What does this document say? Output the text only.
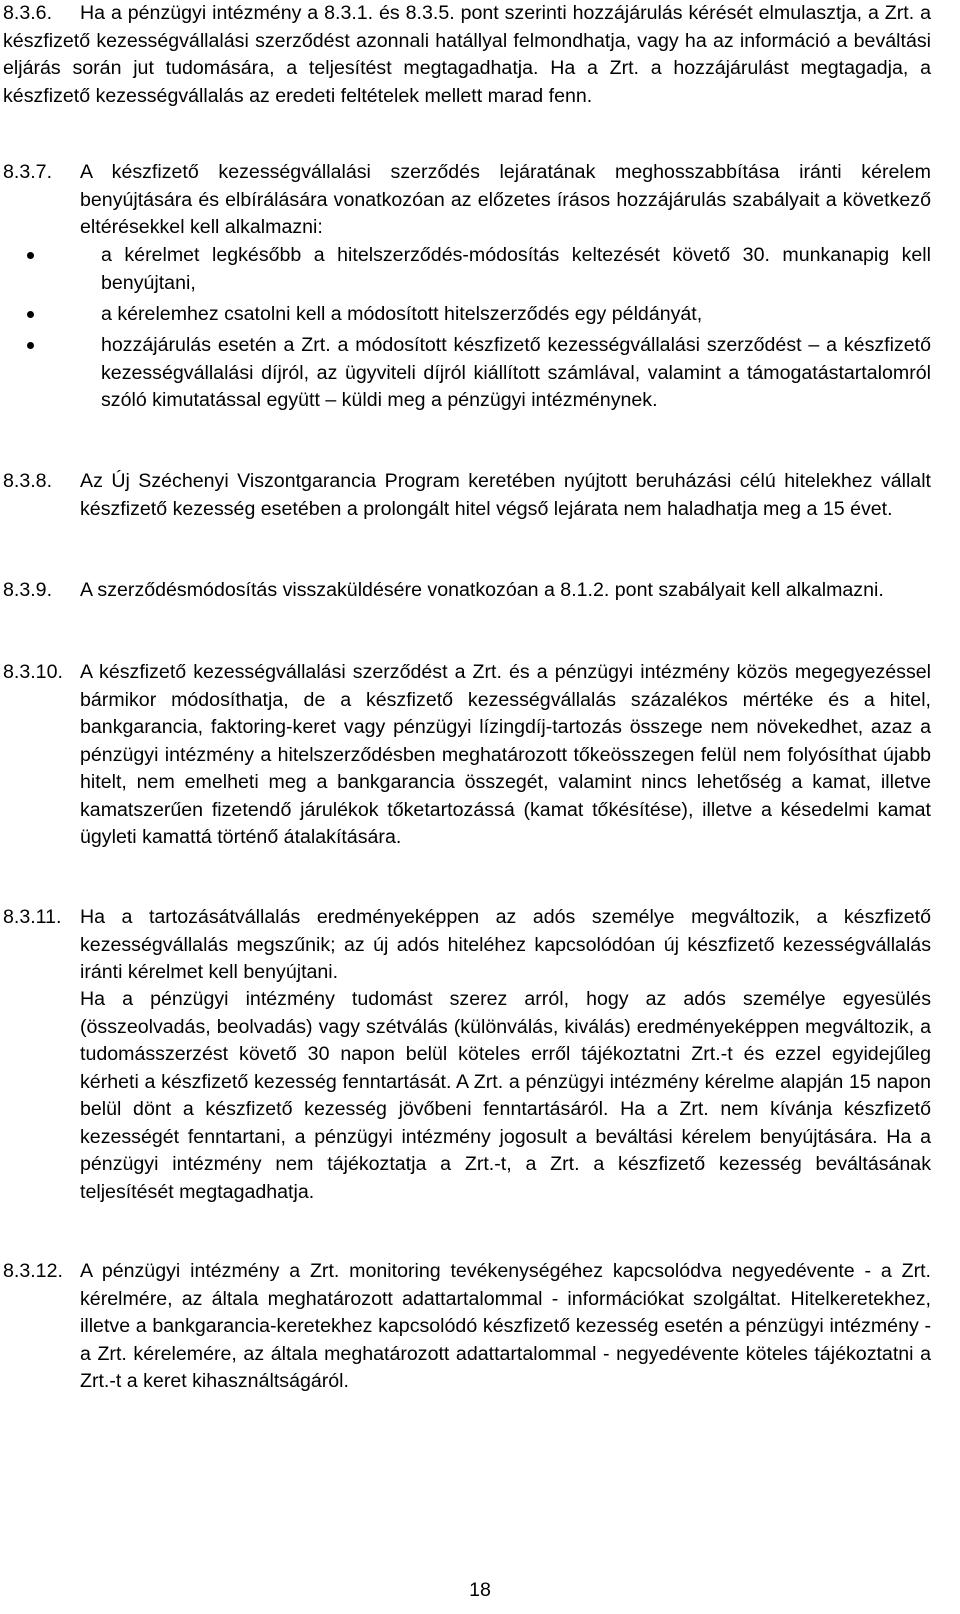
Ha a pénzügyi intézmény a 8.3.1. és 8.3.5. pont szerinti hozzájárulás kérését elmulasztja, a Zrt. a készfizető kezességvállalási szerződést azonnali hatállyal felmondhatja, vagy ha az információ a beváltási eljárás során jut tudomására, a teljesítést megtagadhatja. Ha a Zrt. a hozzájárulást megtagadja, a készfizető kezességvállalás az eredeti feltételek mellett marad fenn.

8.3.6.
8.3.7. A készfizető kezességvállalási szerződés lejáratának meghosszabbítása iránti kérelem benyújtására és elbírálására vonatkozóan az előzetes írásos hozzájárulás szabályait a következő eltérésekkel kell alkalmazni:

a kérelmet legkésőbb a hitelszerződés-módosítás keltezését követő 30. munkanapig kell benyújtani,

a kérelemhez csatolni kell a módosított hitelszerződés egy példányát,

hozzájárulás esetén a Zrt. a módosított készfizető kezességvállalási szerződést – a készfizető kezességvállalási díjról, az ügyviteli díjról kiállított számlával, valamint a támogatástartalomról szóló kimutatással együtt – küldi meg a pénzügyi intézménynek.

8.3.8. Az Új Széchenyi Viszontgarancia Program keretében nyújtott beruházási célú hitelekhez vállalt készfizető kezesség esetében a prolongált hitel végső lejárata nem haladhatja meg a 15 évet.

8.3.9. A szerződésmódosítás visszaküldésére vonatkozóan a 8.1.2. pont szabályait kell alkalmazni.

8.3.10. A készfizető kezességvállalási szerződést a Zrt. és a pénzügyi intézmény közös megegyezéssel bármikor módosíthatja, de a készfizető kezességvállalás százalékos mértéke és a hitel, bankgarancia, faktoring-keret vagy pénzügyi lízingdíj-tartozás összege nem növekedhet, azaz a pénzügyi intézmény a hitelszerződésben meghatározott tőkeösszegen felül nem folyósíthat újabb hitelt, nem emelheti meg a bankgarancia összegét, valamint nincs lehetőség a kamat, illetve kamatszerűen fizetendő járulékok tőketartozássá (kamat tőkésítése), illetve a késedelmi kamat ügyleti kamattá történő átalakítására.

8.3.11. Ha a tartozásátvállalás eredményeképpen az adós személye megváltozik, a készfizető kezességvállalás megszűnik; az új adós hiteléhez kapcsolódóan új készfizető kezességvállalás iránti kérelmet kell benyújtani.

Ha a pénzügyi intézmény tudomást szerez arról, hogy az adós személye egyesülés (összeolvadás, beolvadás) vagy szétválás (különválás, kiválás) eredményeképpen megváltozik, a tudomásszerzést követő 30 napon belül köteles erről tájékoztatni Zrt.-t és ezzel egyidejűleg kérheti a készfizető kezesség fenntartását. A Zrt. a pénzügyi intézmény kérelme alapján 15 napon belül dönt a készfizető kezesség jövőbeni fenntartásáról. Ha a Zrt. nem kívánja készfizető kezességét fenntartani, a pénzügyi intézmény jogosult a beváltási kérelem benyújtására. Ha a pénzügyi intézmény nem tájékoztatja a Zrt.-t, a Zrt. a készfizető kezesség beváltásának teljesítését megtagadhatja.

8.3.12. A pénzügyi intézmény a Zrt. monitoring tevékenységéhez kapcsolódva negyedévente - a Zrt. kérelmére, az általa meghatározott adattartalommal - információkat szolgáltat. Hitelkeretekhez, illetve a bankgarancia-keretekhez kapcsolódó készfizető kezesség esetén a pénzügyi intézmény - a Zrt. kérelemére, az általa meghatározott adattartalommal - negyedévente köteles tájékoztatni a Zrt.-t a keret kihasználtságáról.

18
